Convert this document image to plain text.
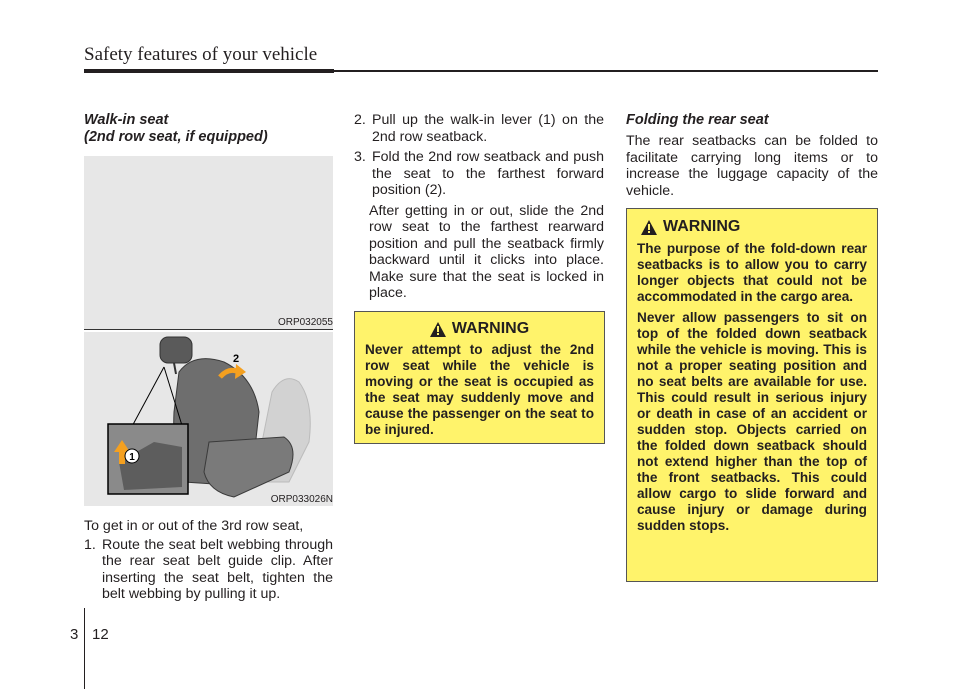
Safety features of your vehicle
Walk-in seat
(2nd row seat, if equipped)
ORP032055
1
2
ORP033026N
To get in or out of the 3rd row seat,
1. Route the seat belt webbing through the rear seat belt guide clip. After inserting the seat belt, tighten the belt webbing by pulling it up.
2. Pull up the walk-in lever (1) on the 2nd row seatback.
3. Fold the 2nd row seatback and push the seat to the farthest forward position (2).
After getting in or out, slide the 2nd row seat to the farthest rearward position and pull the seatback firmly backward until it clicks into place. Make sure that the seat is locked in place.
WARNING
Never attempt to adjust the 2nd row seat while the vehicle is moving or the seat is occupied as the seat may suddenly move and cause the passenger on the seat to be injured.
Folding the rear seat
The rear seatbacks can be folded to facilitate carrying long items or to increase the luggage capacity of the vehicle.
WARNING
The purpose of the fold-down rear seatbacks is to allow you to carry longer objects that could not be accommodated in the cargo area.
Never allow passengers to sit on top of the folded down seatback while the vehicle is moving. This is not a proper seating position and no seat belts are available for use. This could result in serious injury or death in case of an accident or sudden stop. Objects carried on the folded down seatback should not extend higher than the top of the front seatbacks. This could allow cargo to slide forward and cause injury or damage during sudden stops.
3 12
